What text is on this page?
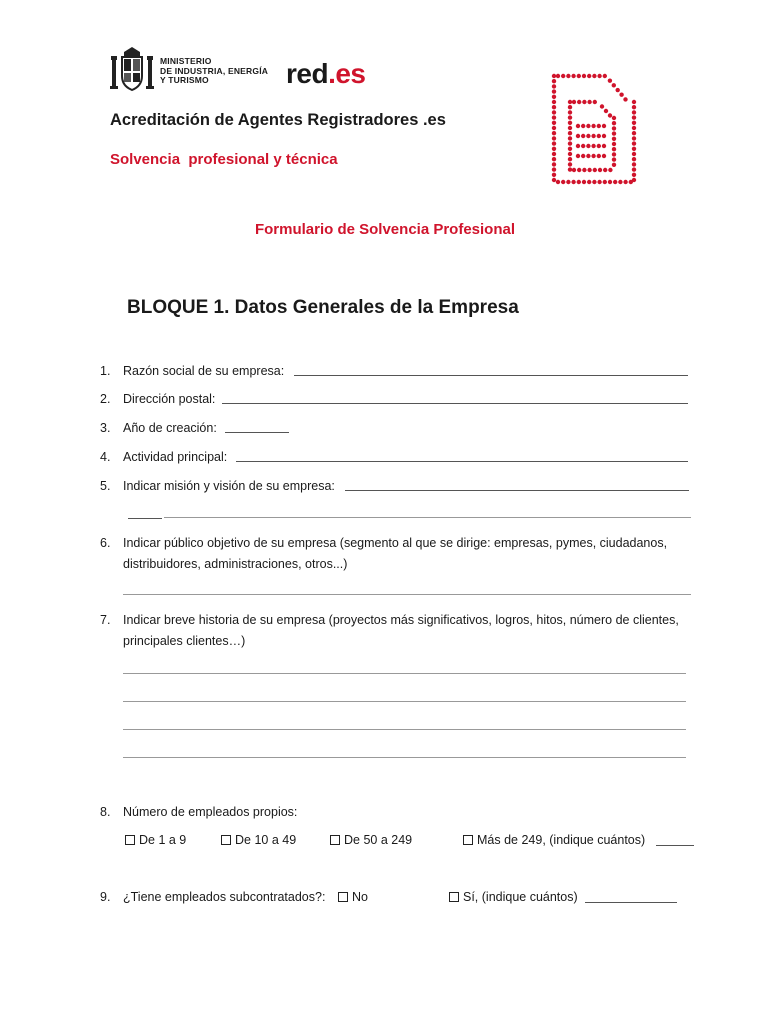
MINISTERIO
DE INDUSTRIA, ENERGÍA
Y TURISMO	red.es
Acreditación de Agentes Registradores .es
Solvencia  profesional y técnica
Formulario de Solvencia Profesional
BLOQUE 1. Datos Generales de la Empresa
1. Razón social de su empresa:
2. Dirección postal:
3. Año de creación:
4. Actividad principal:
5. Indicar misión y visión de su empresa:
6. Indicar público objetivo de su empresa (segmento al que se dirige: empresas, pymes, ciudadanos,
distribuidores, administraciones, otros...)
7. Indicar breve historia de su empresa (proyectos más significativos, logros, hitos, número de clientes,
principales clientes…)
8. Número de empleados propios:
De 1 a 9	De 10 a 49	De 50 a 249	Más de 249, (indique cuántos)
9. ¿Tiene empleados subcontratados?:	No	Sí, (indique cuántos)
